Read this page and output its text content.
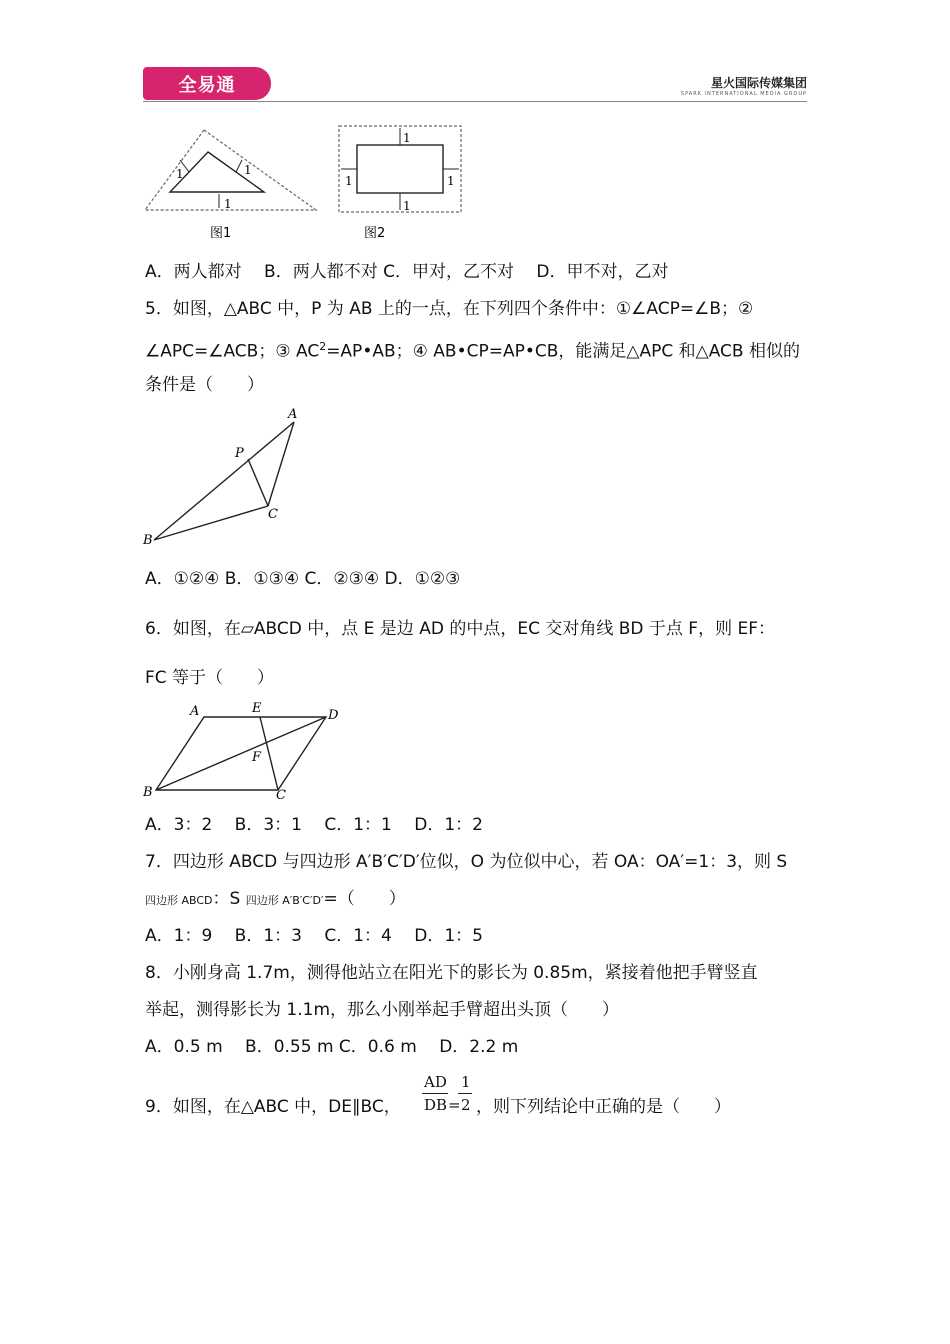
全易通	星火国际传媒集团
SPARK INTERNATIONAL MEDIA GROUP
1	1
1
图1
1
1
1	1
图2
A．两人都对　 B．两人都不对 C．甲对，乙不对　 D．甲不对，乙对
5．如图，△ABC 中，P 为 AB 上的一点，在下列四个条件中：①∠ACP=∠B；②
∠APC=∠ACB；③ $AC^2=AP•AB$；④ AB•CP=AP•CB，能满足△APC 和△ACB 相似的
条件是（　　）
A
P
C
B
A．①②④ B．①③④ C．②③④ D．①②③
6．如图，在▱ABCD 中，点 E 是边 AD 的中点，EC 交对角线 BD 于点 F，则 EF：
FC 等于（　　）
A	E	D
F
B	C
A．3：2　 B．3：1　 C．1：1　 D．1：2
7．四边形 ABCD 与四边形 A′B′C′D′位似，O 为位似中心，若 OA：OA′=1：3，则 S
四边形 ABCD：S 四边形 A′B′C′D′=（　　）
A．1：9　 B．1：3　 C．1：4　 D．1：5
8．小刚身高 1.7m，测得他站立在阳光下的影长为 0.85m，紧接着他把手臂竖直
举起，测得影长为 1.1m，那么小刚举起手臂超出头顶（　　）
A．0.5 m　 B．0.55 m C．0.6 m　 D．2.2 m
9．如图，在△ABC 中，DE∥BC，
AD
DB =
1
2 ，则下列结论中正确的是（　　）
